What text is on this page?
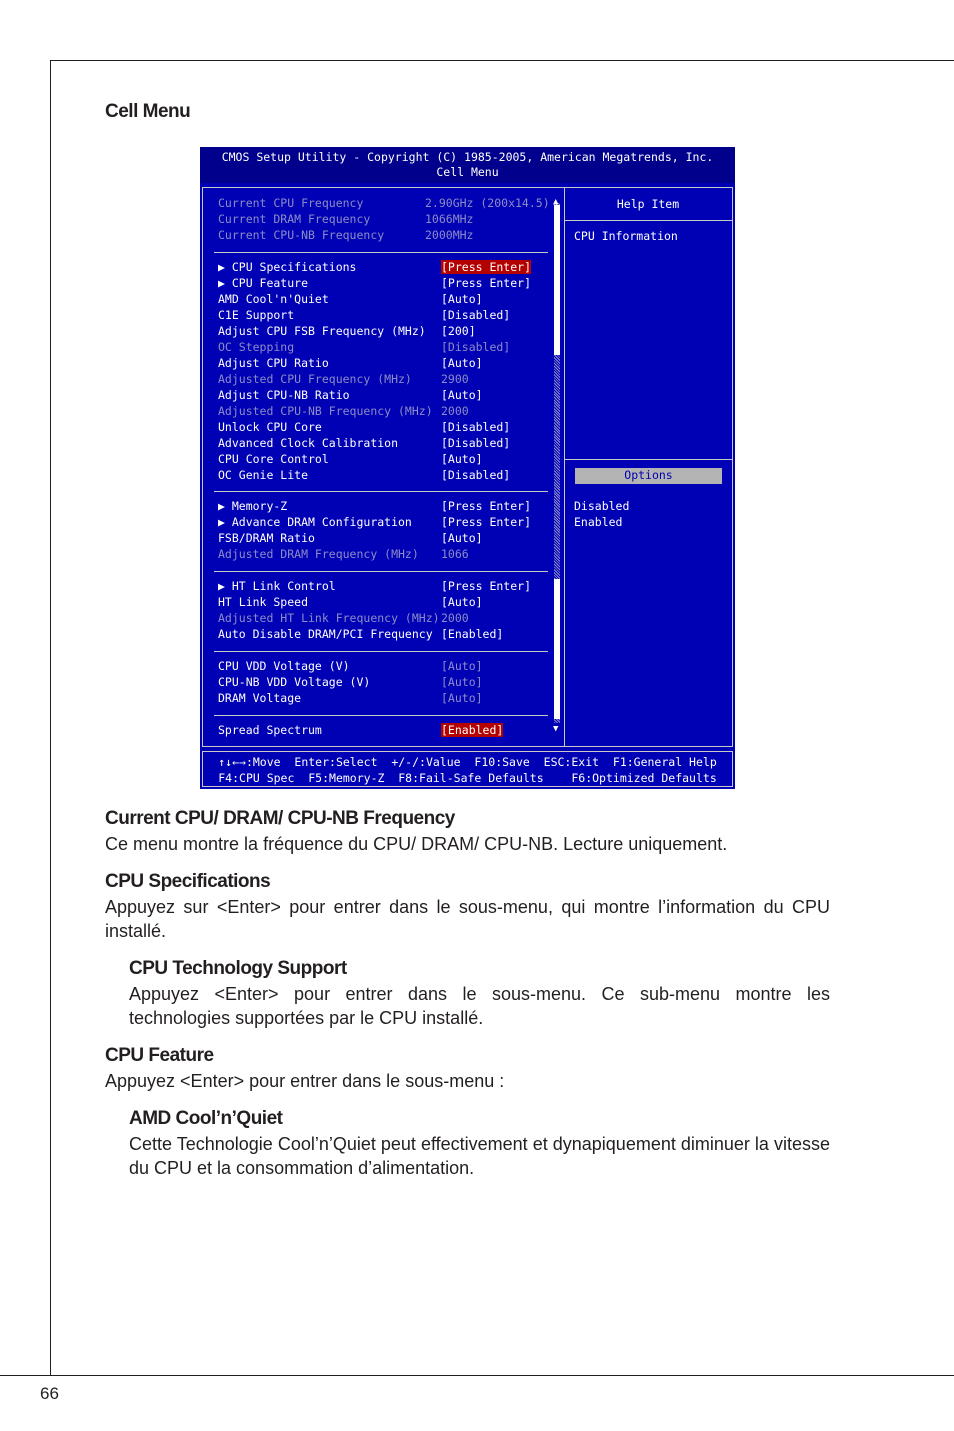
Cell Menu
CMOS Setup Utility - Copyright (C) 1985-2005, American Megatrends, Inc.
Cell Menu
▲
▼
Current CPU Frequency	2.90GHz (200x14.5)
Current DRAM Frequency	1066MHz
Current CPU-NB Frequency	2000MHz
▶ CPU Specifications	[Press Enter]
▶ CPU Feature	[Press Enter]
AMD Cool'n'Quiet	[Auto]
C1E Support	[Disabled]
Adjust CPU FSB Frequency (MHz) [200]
OC Stepping	[Disabled]
Adjust CPU Ratio	[Auto]
Adjusted CPU Frequency (MHz)	2900
Adjust CPU-NB Ratio	[Auto]
Adjusted CPU-NB Frequency (MHz) 2000
Unlock CPU Core	[Disabled]
Advanced Clock Calibration	[Disabled]
CPU Core Control	[Auto]
OC Genie Lite	[Disabled]
▶ Memory-Z	[Press Enter]
▶ Advance DRAM Configuration	[Press Enter]
FSB/DRAM Ratio	[Auto]
Adjusted DRAM Frequency (MHz) 1066
▶ HT Link Control	[Press Enter]
HT Link Speed	[Auto]
Adjusted HT Link Frequency (MHz) 2000
Auto Disable DRAM/PCI Frequency [Enabled]
CPU VDD Voltage (V)	[Auto]
CPU-NB VDD Voltage (V)	[Auto]
DRAM Voltage	[Auto]
Spread Spectrum	[Enabled]
Help Item
CPU Information
Options
Disabled
Enabled
↑↓←→:Move  Enter:Select  +/-/:Value  F10:Save  ESC:Exit  F1:General Help
F4:CPU Spec  F5:Memory-Z  F8:Fail-Safe Defaults    F6:Optimized Defaults
Current CPU/ DRAM/ CPU-NB Frequency
Ce menu montre la fréquence du CPU/ DRAM/ CPU-NB. Lecture uniquement.
CPU Specifications
Appuyez sur <Enter> pour entrer dans le sous-menu, qui montre l’information du CPU installé.
CPU Technology Support
Appuyez <Enter> pour entrer dans le sous-menu. Ce sub-menu montre les technologies supportées par le CPU installé.
CPU Feature
Appuyez <Enter> pour entrer dans le sous-menu :
AMD Cool’n’Quiet
Cette Technologie Cool’n’Quiet peut effectivement et dynapiquement diminuer la vitesse du CPU et la consommation d’alimentation.
66
